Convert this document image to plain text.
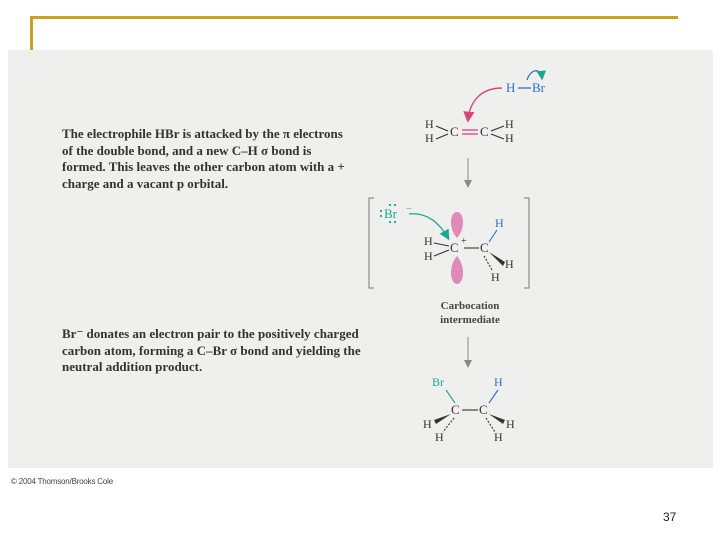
The electrophile HBr is attacked by the π electrons of the double bond, and a new C–H σ bond is formed. This leaves the other carbon atom with a + charge and a vacant p orbital.
Br⁻ donates an electron pair to the positively charged carbon atom, forming a C–Br σ bond and yielding the neutral addition product.
H Br
H
H C C H
H
Br −
C +
H
H
C
H
H
H
Carbocation
intermediate
Br	H
C C
H
H
H
H
© 2004 Thomson/Brooks Cole
37
